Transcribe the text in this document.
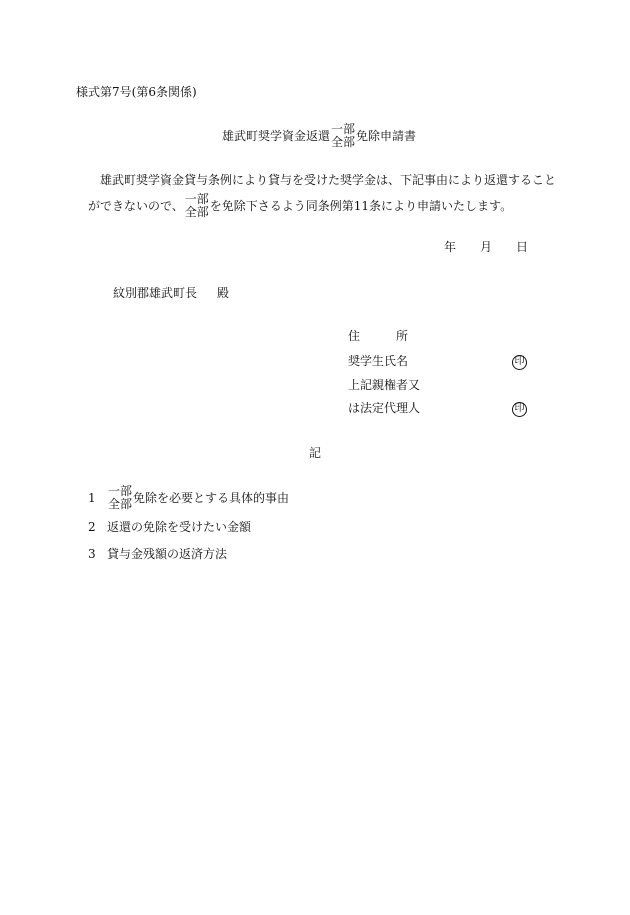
様式第7号(第6条関係)
雄武町奨学資金返還 一部
全部 免除申請書
雄武町奨学資金貸与条例により貸与を受けた奨学金は、下記事由により返還すること
ができないので、 一部
全部 を免除下さるよう同条例第11条により申請いたします。
年 月 日
紋別郡雄武町長 殿
住　　　所
奨学生氏名	印
上記親権者又
は法定代理人	印
記
1	一部
全部 免除を必要とする具体的事由
2 返還の免除を受けたい金額
3 貸与金残額の返済方法
